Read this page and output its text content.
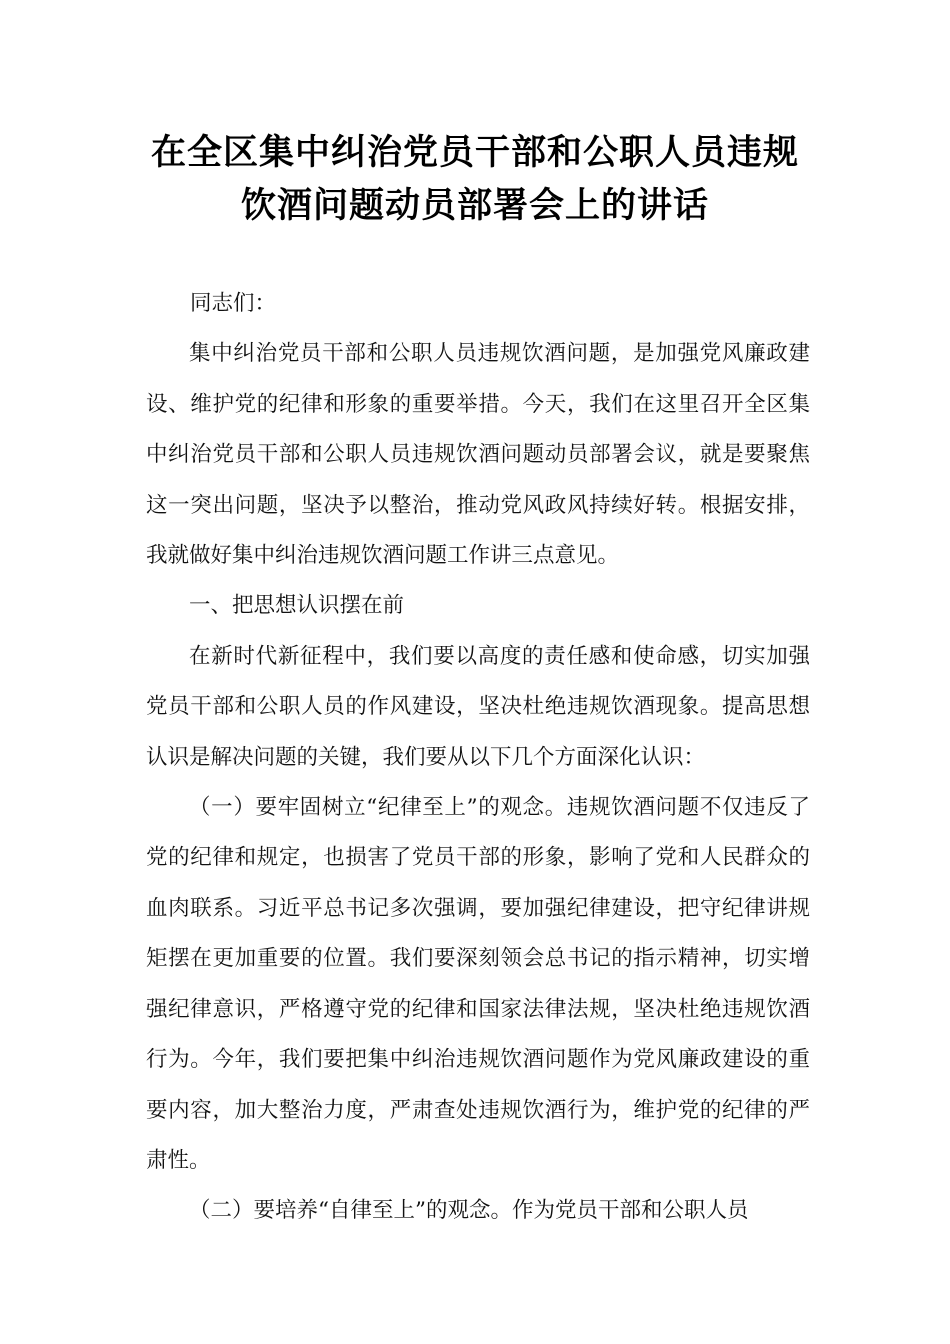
在全区集中纠治党员干部和公职人员违规
饮酒问题动员部署会上的讲话

同志们：

集中纠治党员干部和公职人员违规饮酒问题，是加强党风廉政建设、维护党的纪律和形象的重要举措。今天，我们在这里召开全区集中纠治党员干部和公职人员违规饮酒问题动员部署会议，就是要聚焦这一突出问题，坚决予以整治，推动党风政风持续好转。根据安排，我就做好集中纠治违规饮酒问题工作讲三点意见。

一、把思想认识摆在前

在新时代新征程中，我们要以高度的责任感和使命感，切实加强党员干部和公职人员的作风建设，坚决杜绝违规饮酒现象。提高思想认识是解决问题的关键，我们要从以下几个方面深化认识：

（一）要牢固树立“纪律至上”的观念。违规饮酒问题不仅违反了党的纪律和规定，也损害了党员干部的形象，影响了党和人民群众的血肉联系。习近平总书记多次强调，要加强纪律建设，把守纪律讲规矩摆在更加重要的位置。我们要深刻领会总书记的指示精神，切实增强纪律意识，严格遵守党的纪律和国家法律法规，坚决杜绝违规饮酒行为。今年，我们要把集中纠治违规饮酒问题作为党风廉政建设的重要内容，加大整治力度，严肃查处违规饮酒行为，维护党的纪律的严肃性。

（二）要培养“自律至上”的观念。作为党员干部和公职人员
